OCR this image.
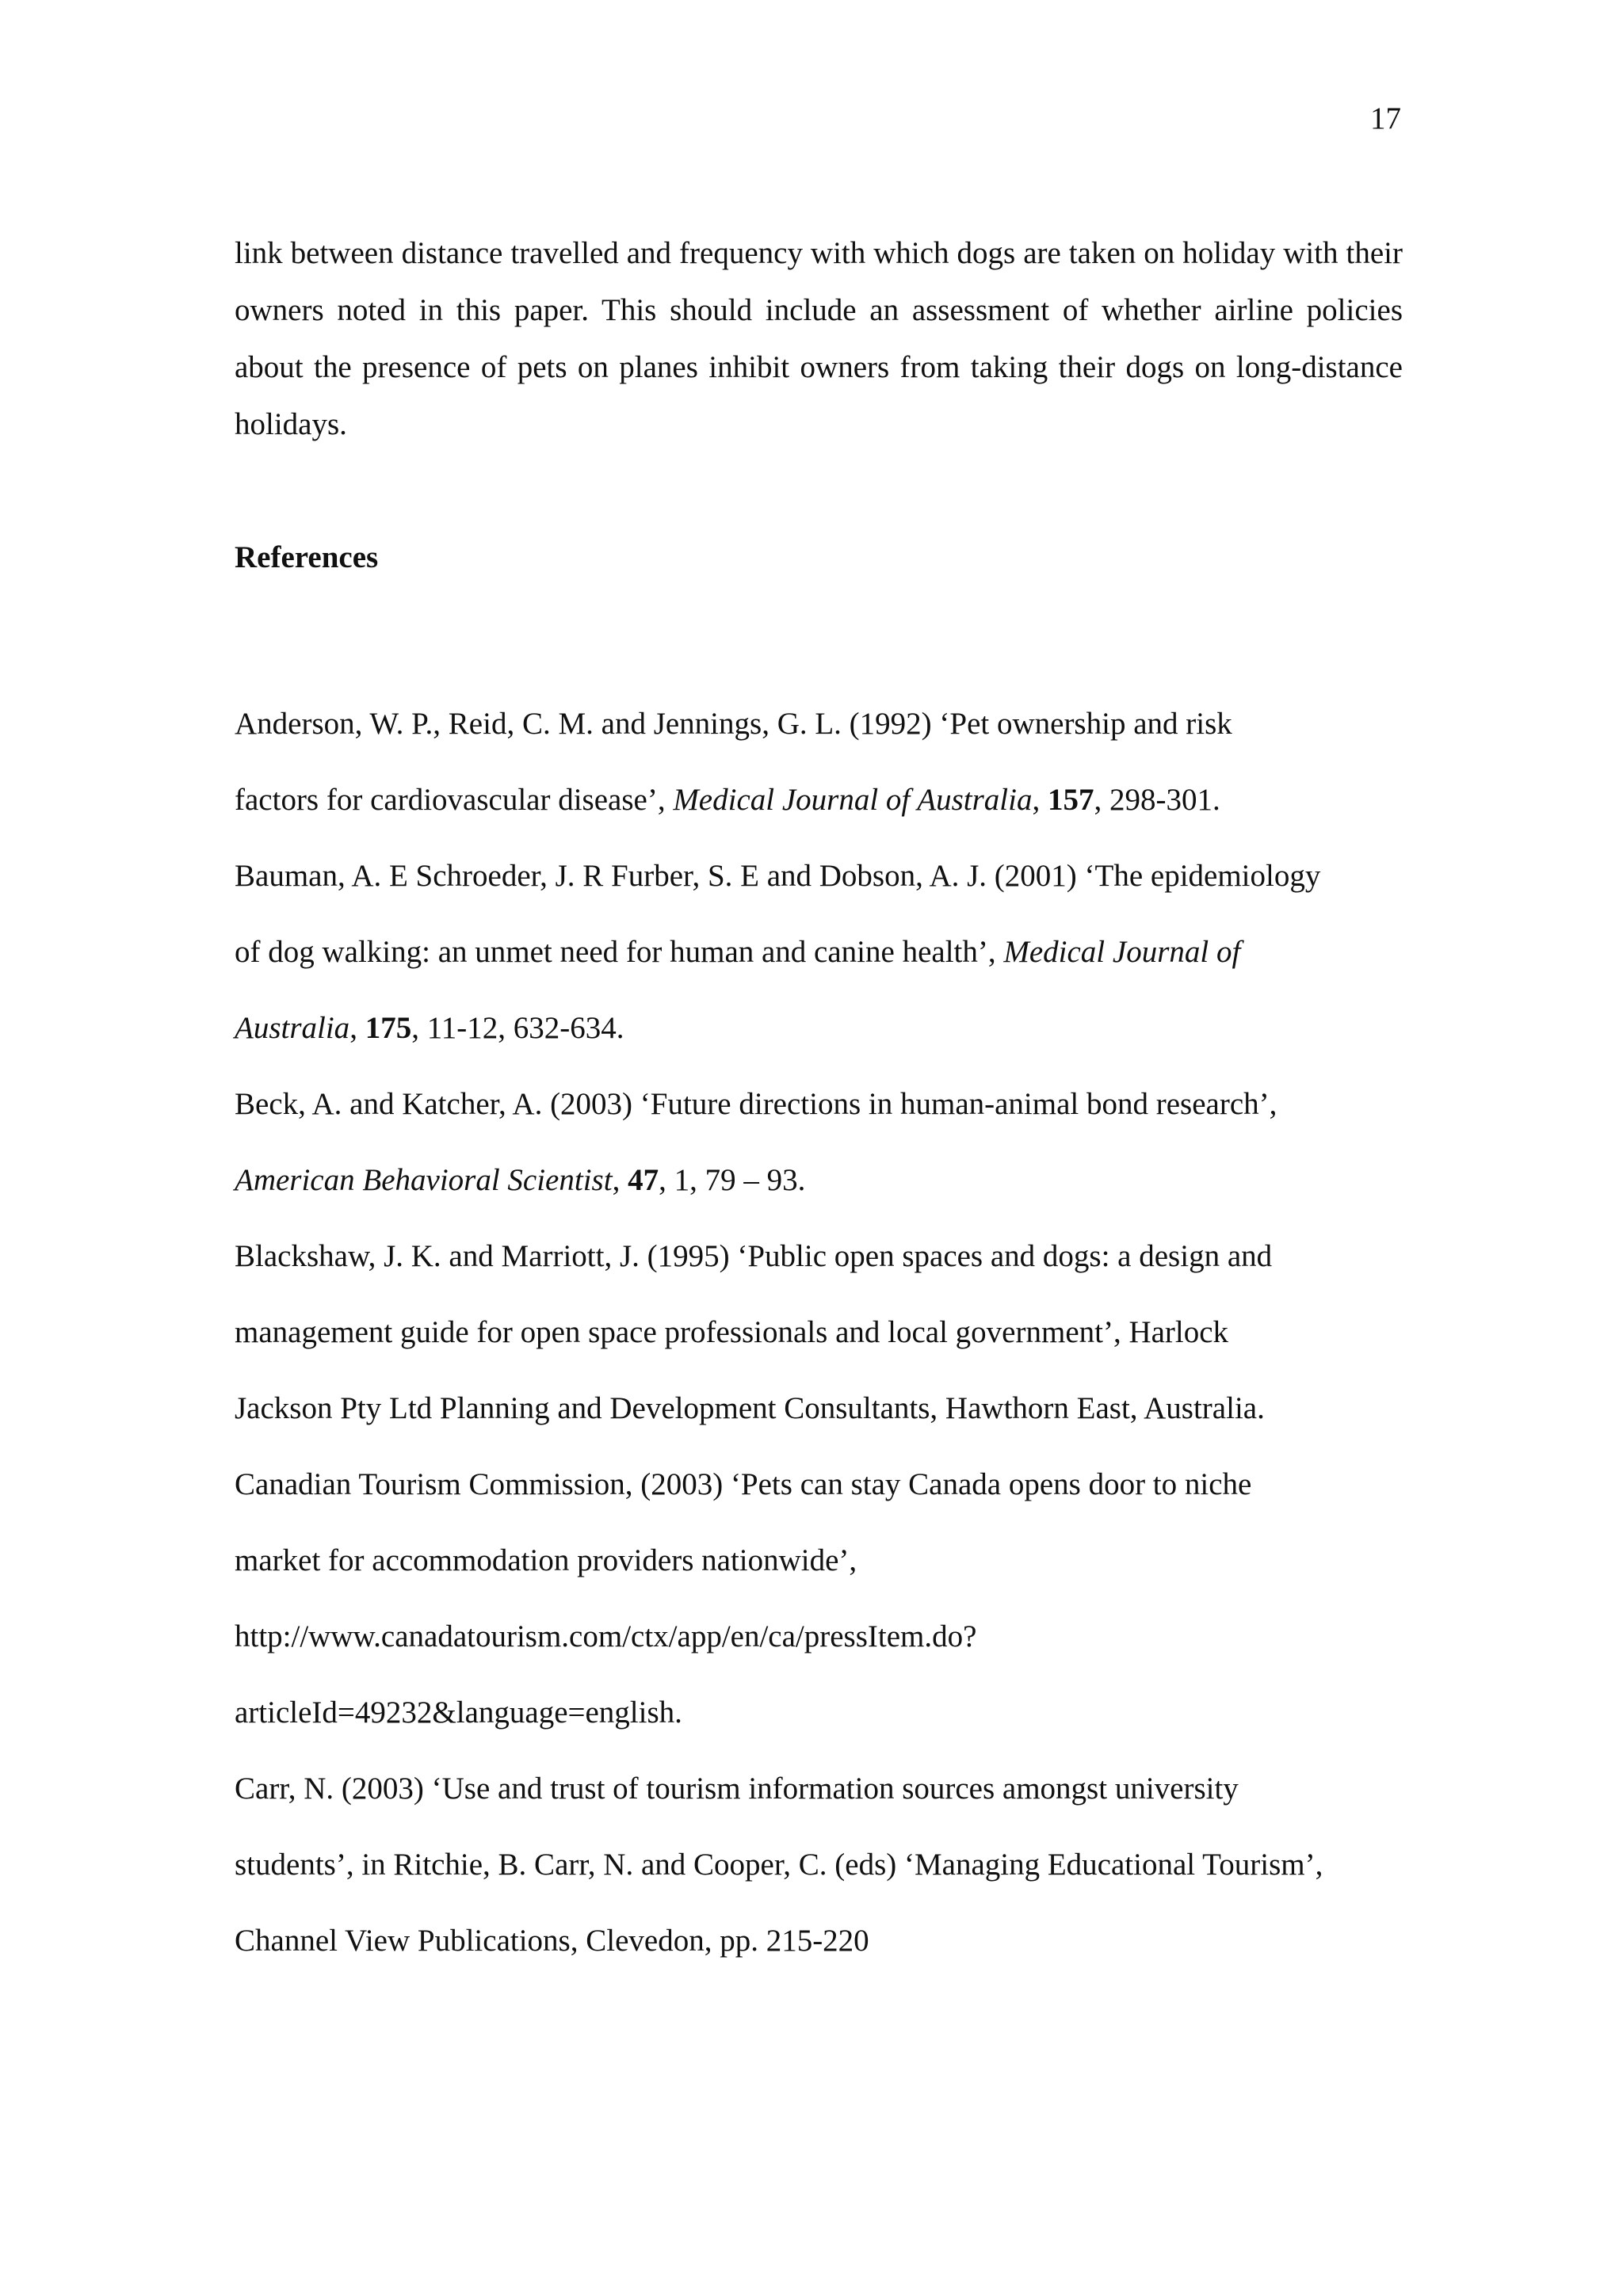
17

link between distance travelled and frequency with which dogs are taken on holiday with their owners noted in this paper. This should include an assessment of whether airline policies about the presence of pets on planes inhibit owners from taking their dogs on long-distance holidays.

References
Anderson, W. P., Reid, C. M. and Jennings, G. L. (1992) ‘Pet ownership and risk
factors for cardiovascular disease’, Medical Journal of Australia, 157, 298-301.
Bauman, A. E Schroeder, J. R Furber, S. E and Dobson, A. J. (2001) ‘The epidemiology
of dog walking: an unmet need for human and canine health’, Medical Journal of
Australia, 175, 11-12, 632-634.
Beck, A. and Katcher, A. (2003) ‘Future directions in human-animal bond research’,
American Behavioral Scientist, 47, 1, 79 – 93.
Blackshaw, J. K. and Marriott, J. (1995) ‘Public open spaces and dogs: a design and
management guide for open space professionals and local government’, Harlock
Jackson Pty Ltd Planning and Development Consultants, Hawthorn East, Australia.
Canadian Tourism Commission, (2003) ‘Pets can stay Canada opens door to niche
market for accommodation providers nationwide’,
http://www.canadatourism.com/ctx/app/en/ca/pressItem.do?
articleId=49232&language=english.
Carr, N. (2003) ‘Use and trust of tourism information sources amongst university
students’, in Ritchie, B. Carr, N. and Cooper, C. (eds) ‘Managing Educational Tourism’,
Channel View Publications, Clevedon, pp. 215-220
